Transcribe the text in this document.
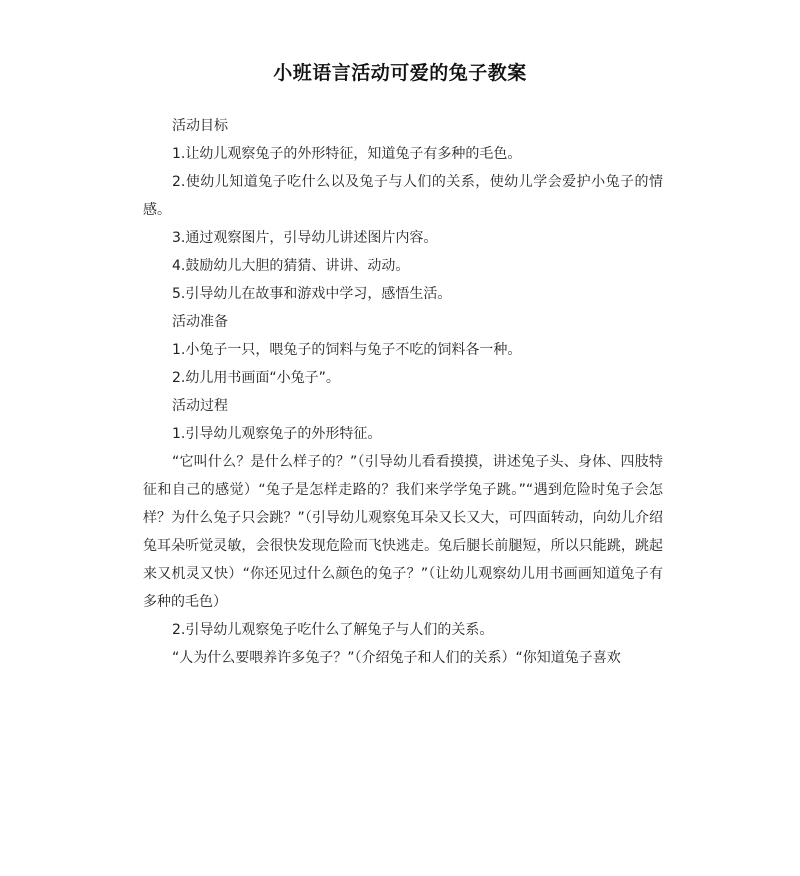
小班语言活动可爱的兔子教案

活动目标

1.让幼儿观察兔子的外形特征，知道兔子有多种的毛色。

2.使幼儿知道兔子吃什么以及兔子与人们的关系，使幼儿学会爱护小兔子的情感。

3.通过观察图片，引导幼儿讲述图片内容。

4.鼓励幼儿大胆的猜猜、讲讲、动动。

5.引导幼儿在故事和游戏中学习，感悟生活。

活动准备

1.小兔子一只，喂兔子的饲料与兔子不吃的饲料各一种。

2.幼儿用书画面“小兔子”。

活动过程

1.引导幼儿观察兔子的外形特征。

“它叫什么？是什么样子的？”（引导幼儿看看摸摸，讲述兔子头、身体、四肢特征和自己的感觉）“兔子是怎样走路的？我们来学学兔子跳。”“遇到危险时兔子会怎样？为什么兔子只会跳？”（引导幼儿观察兔耳朵又长又大，可四面转动，向幼儿介绍兔耳朵听觉灵敏，会很快发现危险而飞快逃走。兔后腿长前腿短，所以只能跳，跳起来又机灵又快）“你还见过什么颜色的兔子？”（让幼儿观察幼儿用书画画知道兔子有多种的毛色）

2.引导幼儿观察兔子吃什么了解兔子与人们的关系。

“人为什么要喂养许多兔子？”（介绍兔子和人们的关系）“你知道兔子喜欢
